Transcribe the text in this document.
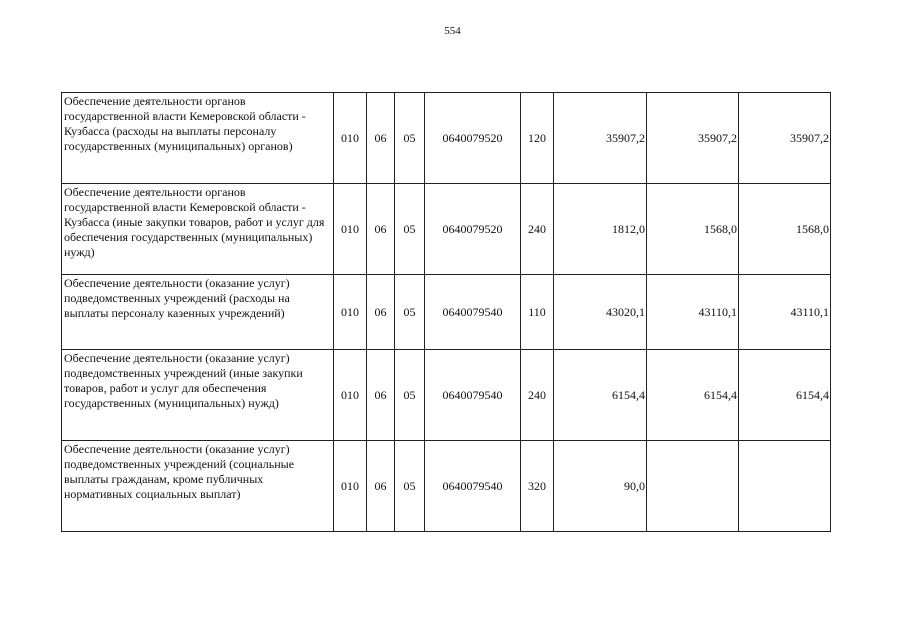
554
Обеспечение деятельности органов государственной власти Кемеровской области - Кузбасса (расходы на выплаты персоналу государственных (муниципальных) органов)	010	06	05	0640079520	120	35907,2	35907,2	35907,2
Обеспечение деятельности органов государственной власти Кемеровской области - Кузбасса (иные закупки товаров, работ и услуг для обеспечения государственных (муниципальных) нужд)	010	06	05	0640079520	240	1812,0	1568,0	1568,0
Обеспечение деятельности (оказание услуг) подведомственных учреждений (расходы на выплаты персоналу казенных учреждений)	010	06	05	0640079540	110	43020,1	43110,1	43110,1
Обеспечение деятельности (оказание услуг) подведомственных учреждений (иные закупки товаров, работ и услуг для обеспечения государственных (муниципальных) нужд)	010	06	05	0640079540	240	6154,4	6154,4	6154,4
Обеспечение деятельности (оказание услуг) подведомственных учреждений (социальные выплаты гражданам, кроме публичных нормативных социальных выплат)	010	06	05	0640079540	320	90,0		
